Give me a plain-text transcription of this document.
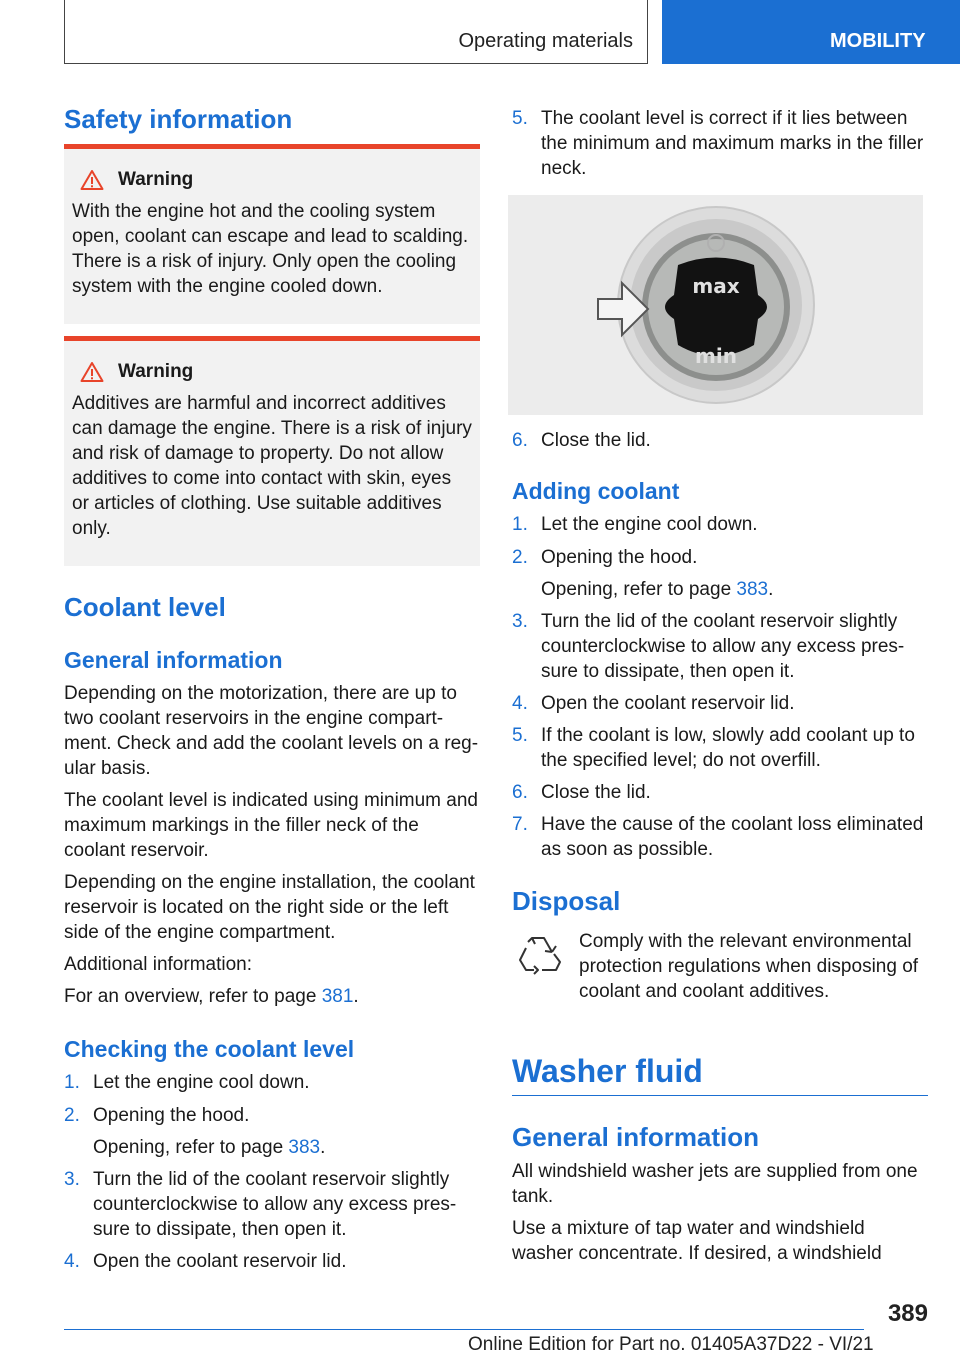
Operating materials	MOBILITY
Safety information
Warning

With the engine hot and the cooling system open, coolant can escape and lead to scalding. There is a risk of injury. Only open the cooling system with the engine cooled down.

Warning

Additives are harmful and incorrect additives can damage the engine. There is a risk of injury and risk of damage to property. Do not allow additives to come into contact with skin, eyes or articles of clothing. Use suitable additives only.

Coolant level
General information

Depending on the motorization, there are up to two coolant reservoirs in the engine compart‐ment. Check and add the coolant levels on a reg‐ular basis.

The coolant level is indicated using minimum and maximum markings in the filler neck of the coolant reservoir.

Depending on the engine installation, the coolant reservoir is located on the right side or the left side of the engine compartment.

Additional information:

For an overview, refer to page 381.

Checking the coolant level
1. Let the engine cool down.
2. Opening the hood.
Opening, refer to page 383.
3. Turn the lid of the coolant reservoir slightly counterclockwise to allow any excess pres‐sure to dissipate, then open it.
4. Open the coolant reservoir lid.
5. The coolant level is correct if it lies between the minimum and maximum marks in the filler neck.
max
min
6. Close the lid.
Adding coolant
1. Let the engine cool down.
2. Opening the hood.
Opening, refer to page 383.
3. Turn the lid of the coolant reservoir slightly counterclockwise to allow any excess pres‐sure to dissipate, then open it.
4. Open the coolant reservoir lid.
5. If the coolant is low, slowly add coolant up to the specified level; do not overfill.
6. Close the lid.
7. Have the cause of the coolant loss eliminated as soon as possible.
Disposal

Comply with the relevant environmental protection regulations when disposing of coolant and coolant additives.

Washer fluid
General information

All windshield washer jets are supplied from one tank.

Use a mixture of tap water and windshield washer concentrate. If desired, a windshield

389
Online Edition for Part no. 01405A37D22 - VI/21
